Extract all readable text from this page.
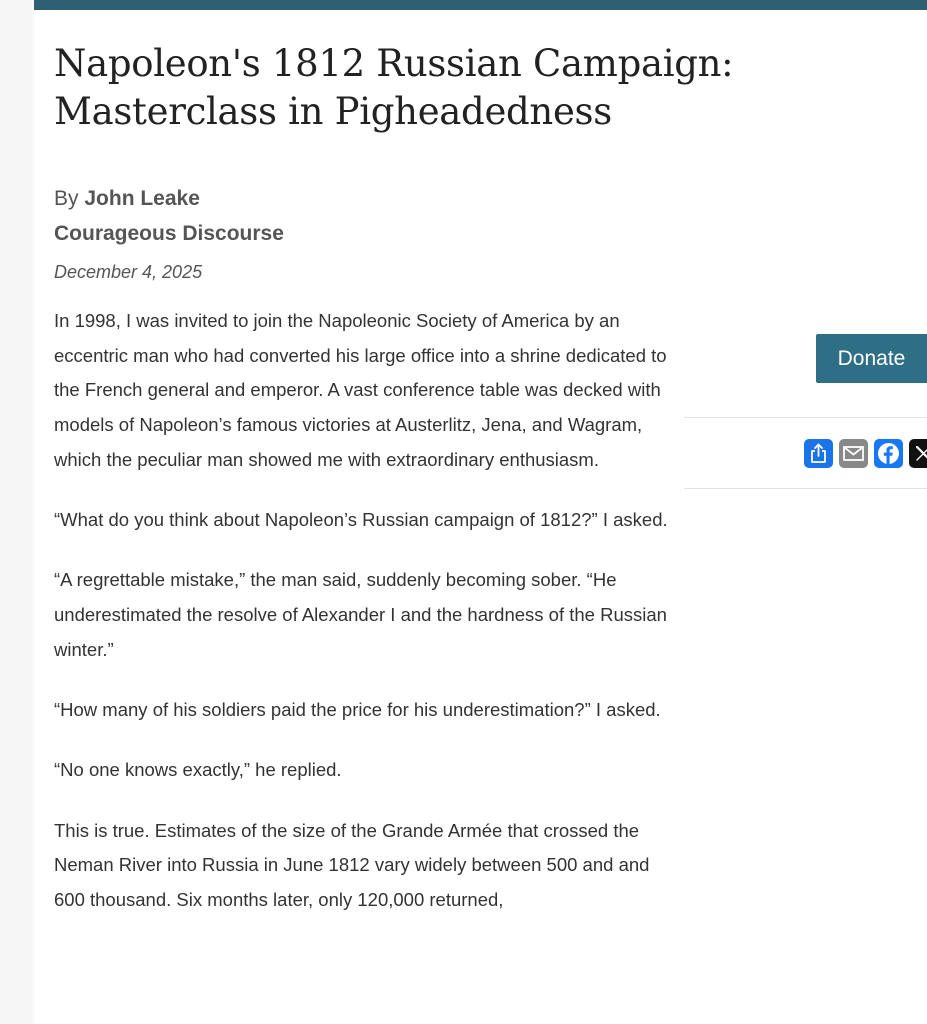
Napoleon's 1812 Russian Campaign: Masterclass in Pigheadedness
By John Leake
Courageous Discourse
December 4, 2025

In 1998, I was invited to join the Napoleonic Society of America by an eccentric man who had converted his large office into a shrine dedicated to the French general and emperor. A vast conference table was decked with models of Napoleon’s famous victories at Austerlitz, Jena, and Wagram, which the peculiar man showed me with extraordinary enthusiasm.

“What do you think about Napoleon’s Russian campaign of 1812?” I asked.

“A regrettable mistake,” the man said, suddenly becoming sober. “He underestimated the resolve of Alexander I and the hardness of the Russian winter.”

“How many of his soldiers paid the price for his underestimation?” I asked.

“No one knows exactly,” he replied.

This is true. Estimates of the size of the Grande Armée that crossed the Neman River into Russia in June 1812 vary widely between 500 and and 600 thousand. Six months later, only 120,000 returned,

Donate
